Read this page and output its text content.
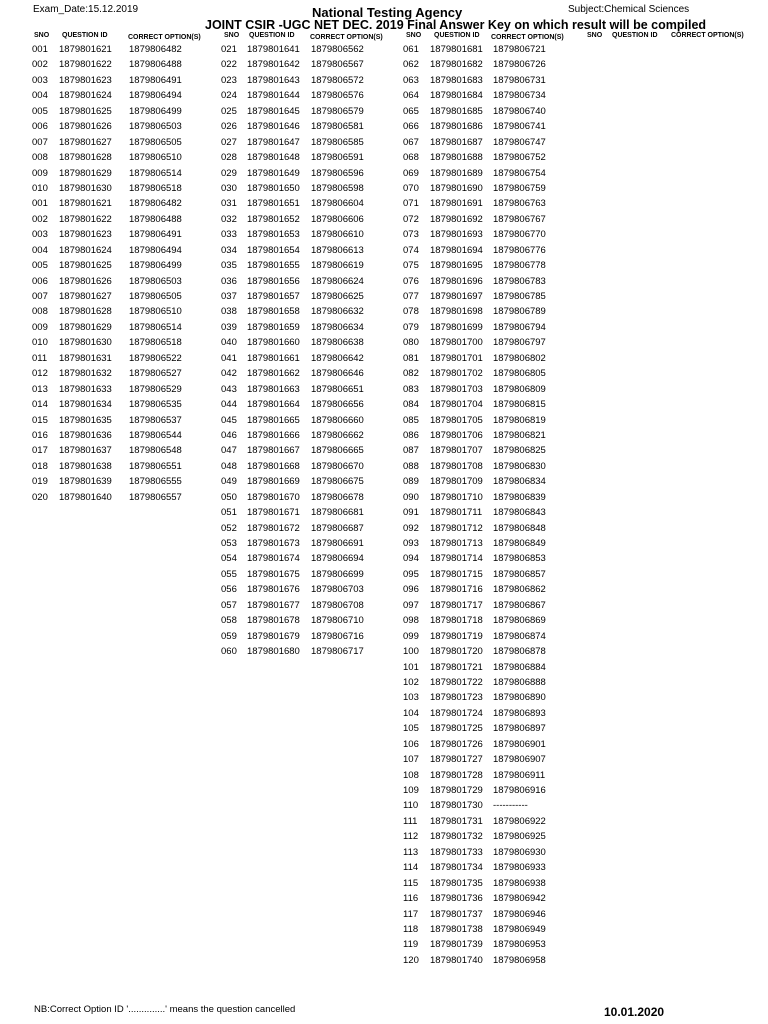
Exam_Date:15.12.2019	National Testing Agency	Subject:Chemical Sciences
JOINT CSIR -UGC NET DEC. 2019 Final Answer Key on which result will be compiled
SNO QUESTION ID	CORRECT OPTION(S)	SNO QUESTION ID CORRECT OPTION(S)	SNO QUESTION ID CORRECT OPTION(S)	SNO QUESTION ID CORRECT OPTION(S)
001 1879801621 1879806482
002 1879801622 1879806488
003 1879801623 1879806491
004 1879801624 1879806494
005 1879801625 1879806499
006 1879801626 1879806503
007 1879801627 1879806505
008 1879801628 1879806510
009 1879801629 1879806514
010 1879801630 1879806518
001 1879801621 1879806482
002 1879801622 1879806488
003 1879801623 1879806491
004 1879801624 1879806494
005 1879801625 1879806499
006 1879801626 1879806503
007 1879801627 1879806505
008 1879801628 1879806510
009 1879801629 1879806514
010 1879801630 1879806518
011 1879801631 1879806522
012 1879801632 1879806527
013 1879801633 1879806529
014 1879801634 1879806535
015 1879801635 1879806537
016 1879801636 1879806544
017 1879801637 1879806548
018 1879801638 1879806551
019 1879801639 1879806555
020 1879801640 1879806557
021 1879801641 1879806562
022 1879801642 1879806567
023 1879801643 1879806572
024 1879801644 1879806576
025 1879801645 1879806579
026 1879801646 1879806581
027 1879801647 1879806585
028 1879801648 1879806591
029 1879801649 1879806596
030 1879801650 1879806598
031 1879801651 1879806604
032 1879801652 1879806606
033 1879801653 1879806610
034 1879801654 1879806613
035 1879801655 1879806619
036 1879801656 1879806624
037 1879801657 1879806625
038 1879801658 1879806632
039 1879801659 1879806634
040 1879801660 1879806638
041 1879801661 1879806642
042 1879801662 1879806646
043 1879801663 1879806651
044 1879801664 1879806656
045 1879801665 1879806660
046 1879801666 1879806662
047 1879801667 1879806665
048 1879801668 1879806670
049 1879801669 1879806675
050 1879801670 1879806678
051 1879801671 1879806681
052 1879801672 1879806687
053 1879801673 1879806691
054 1879801674 1879806694
055 1879801675 1879806699
056 1879801676 1879806703
057 1879801677 1879806708
058 1879801678 1879806710
059 1879801679 1879806716
060 1879801680 1879806717
061 1879801681 1879806721
062 1879801682 1879806726
063 1879801683 1879806731
064 1879801684 1879806734
065 1879801685 1879806740
066 1879801686 1879806741
067 1879801687 1879806747
068 1879801688 1879806752
069 1879801689 1879806754
070 1879801690 1879806759
071 1879801691 1879806763
072 1879801692 1879806767
073 1879801693 1879806770
074 1879801694 1879806776
075 1879801695 1879806778
076 1879801696 1879806783
077 1879801697 1879806785
078 1879801698 1879806789
079 1879801699 1879806794
080 1879801700 1879806797
081 1879801701 1879806802
082 1879801702 1879806805
083 1879801703 1879806809
084 1879801704 1879806815
085 1879801705 1879806819
086 1879801706 1879806821
087 1879801707 1879806825
088 1879801708 1879806830
089 1879801709 1879806834
090 1879801710 1879806839
091 1879801711 1879806843
092 1879801712 1879806848
093 1879801713 1879806849
094 1879801714 1879806853
095 1879801715 1879806857
096 1879801716 1879806862
097 1879801717 1879806867
098 1879801718 1879806869
099 1879801719 1879806874
100 1879801720 1879806878
101 1879801721 1879806884
102 1879801722 1879806888
103 1879801723 1879806890
104 1879801724 1879806893
105 1879801725 1879806897
106 1879801726 1879806901
107 1879801727 1879806907
108 1879801728 1879806911
109 1879801729 1879806916
110 1879801730 -----------
111 1879801731 1879806922
112 1879801732 1879806925
113 1879801733 1879806930
114 1879801734 1879806933
115 1879801735 1879806938
116 1879801736 1879806942
117 1879801737 1879806946
118 1879801738 1879806949
119 1879801739 1879806953
120 1879801740 1879806958
NB:Correct Option ID '..............' means the question cancelled	10.01.2020
